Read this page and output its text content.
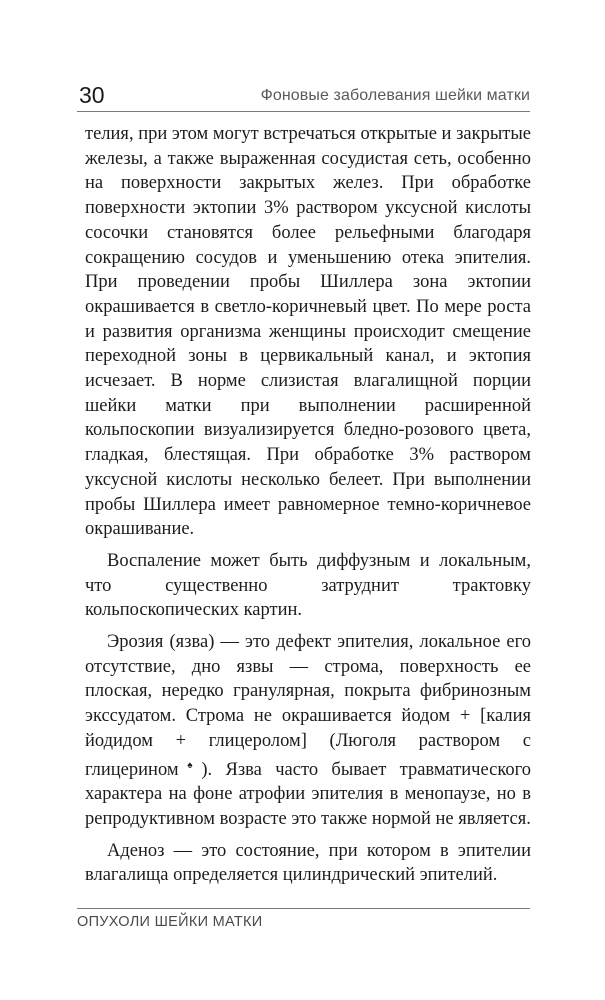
30	Фоновые заболевания шейки матки

телия, при этом могут встречаться открытые и закрытые железы, а также выраженная сосудистая сеть, особенно на поверхности закрытых желез. При обработке поверхности эктопии 3% раствором уксусной кислоты сосочки становятся более рельефными благодаря сокращению сосудов и уменьшению отека эпителия. При проведении пробы Шиллера зона эктопии окрашивается в светло-коричневый цвет. По мере роста и развития организма женщины происходит смещение переходной зоны в цервикальный канал, и эктопия исчезает. В норме слизистая влагалищной порции шейки матки при выполнении расширенной кольпоскопии визуализируется бледно-розового цвета, гладкая, блестящая. При обработке 3% раствором уксусной кислоты несколько белеет. При выполнении пробы Шиллера имеет равномерное темно-коричневое окрашивание.

Воспаление может быть диффузным и локальным, что существенно затруднит трактовку кольпоскопических картин.

Эрозия (язва) — это дефект эпителия, локальное его отсутствие, дно язвы — строма, поверхность ее плоская, нередко гранулярная, покрыта фибринозным экссудатом. Строма не окрашивается йодом + [калия йодидом + глицеролом] (Люголя раствором с глицерином♠). Язва часто бывает травматического характера на фоне атрофии эпителия в менопаузе, но в репродуктивном возрасте это также нормой не является.

Аденоз — это состояние, при котором в эпителии влагалища определяется цилиндрический эпителий.

ОПУХОЛИ ШЕЙКИ МАТКИ
